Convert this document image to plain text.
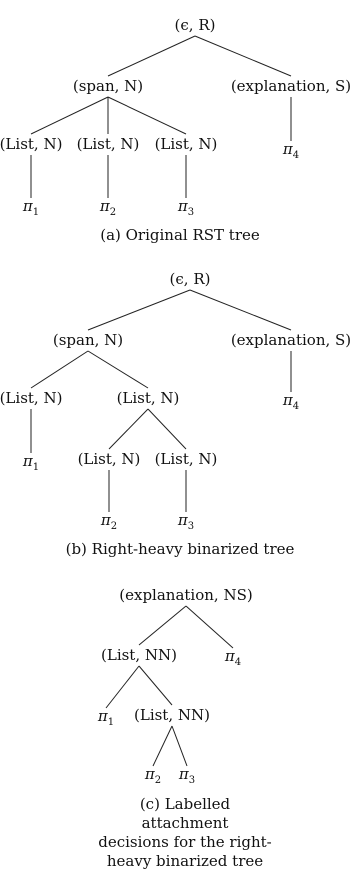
(ϵ, R)
(span, N)	(explanation, S)
(List, N) (List, N) (List, N)
$\pi_1$	$\pi_2$	$\pi_3$
$\pi_4$
(ϵ, R)
(span, N)	(explanation, S)
(List, N)	(List, N)
(List, N) (List, N)
$\pi_1$
$\pi_2$	$\pi_3$
$\pi_4$
(explanation, NS)
(List, NN)	$\pi_4$
$\pi_1$ (List, NN)
$\pi_2$ $\pi_3$
(a) Original RST tree
(b) Right-heavy binarized tree
(c) Labelled attachment
decisions for the right-
heavy binarized tree
